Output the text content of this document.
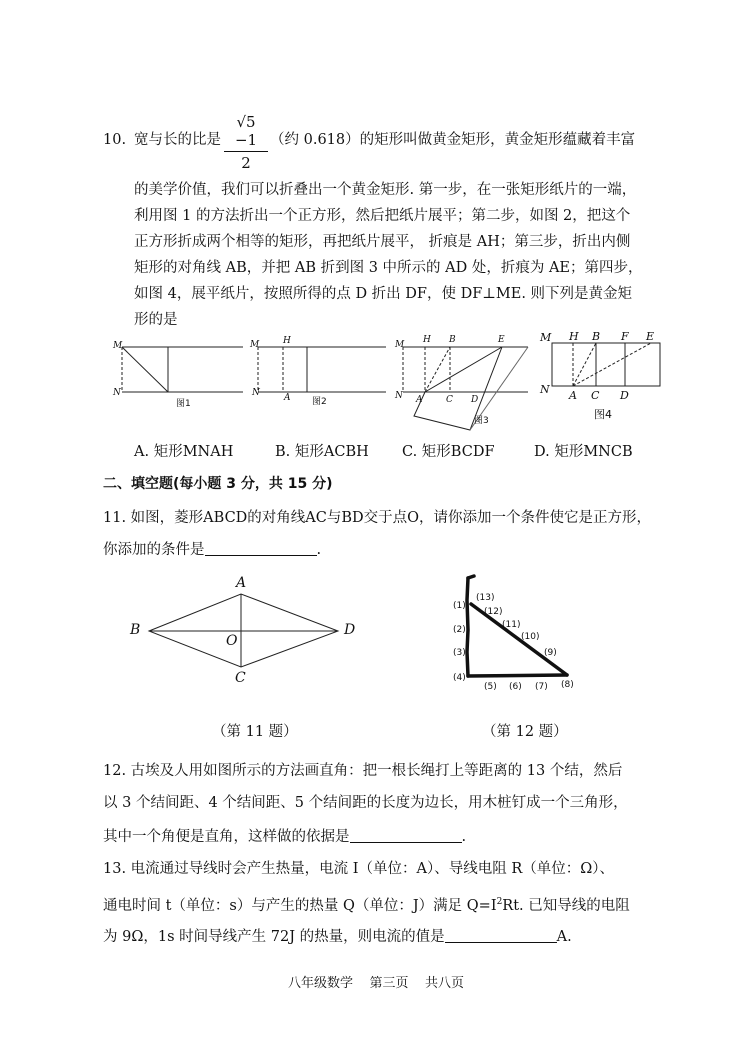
10. 宽与长的比是
√5 −1
2
（约 0.618）的矩形叫做黄金矩形，黄金矩形蕴藏着丰富
的美学价值，我们可以折叠出一个黄金矩形. 第一步，在一张矩形纸片的一端，
利用图 1 的方法折出一个正方形，然后把纸片展平；第二步，如图 2，把这个
正方形折成两个相等的矩形，再把纸片展平， 折痕是 AH；第三步，折出内侧
矩形的对角线 AB，并把 AB 折到图 3 中所示的 AD 处，折痕为 AE；第四步，
如图 4，展平纸片，按照所得的点 D 折出 DF，使 DF⊥ME. 则下列是黄金矩
形的是
M
N
图1
M	H
N	A 图2
M H B	E
N A	C D
图3
M H B F E
N A C D
图4
A. 矩形MNAH	B. 矩形ACBH C. 矩形BCDF	D. 矩形MNCB
二、填空题(每小题 3 分，共 15 分)
11. 如图，菱形ABCD的对角线AC与BD交于点O，请你添加一个条件使它是正方形，
你添加的条件是	.
A
B
O
D
C
（第 11 题）
(1)
(2)
(3)
(4)
(5) (6) (7) (8)
(9)
(10)
(11)
(12)
(13)
（第 12 题）
12. 古埃及人用如图所示的方法画直角：把一根长绳打上等距离的 13 个结，然后
以 3 个结间距、4 个结间距、5 个结间距的长度为边长，用木桩钉成一个三角形，
其中一个角便是直角，这样做的依据是	.
13. 电流通过导线时会产生热量，电流 I（单位：A）、导线电阻 R（单位：Ω）、
通电时间 t（单位：s）与产生的热量 Q（单位：J）满足 $Q=I^2Rt$. 已知导线的电阻
为 9Ω，1s 时间导线产生 72J 的热量，则电流的值是	A.
八年级数学    第三页    共八页
